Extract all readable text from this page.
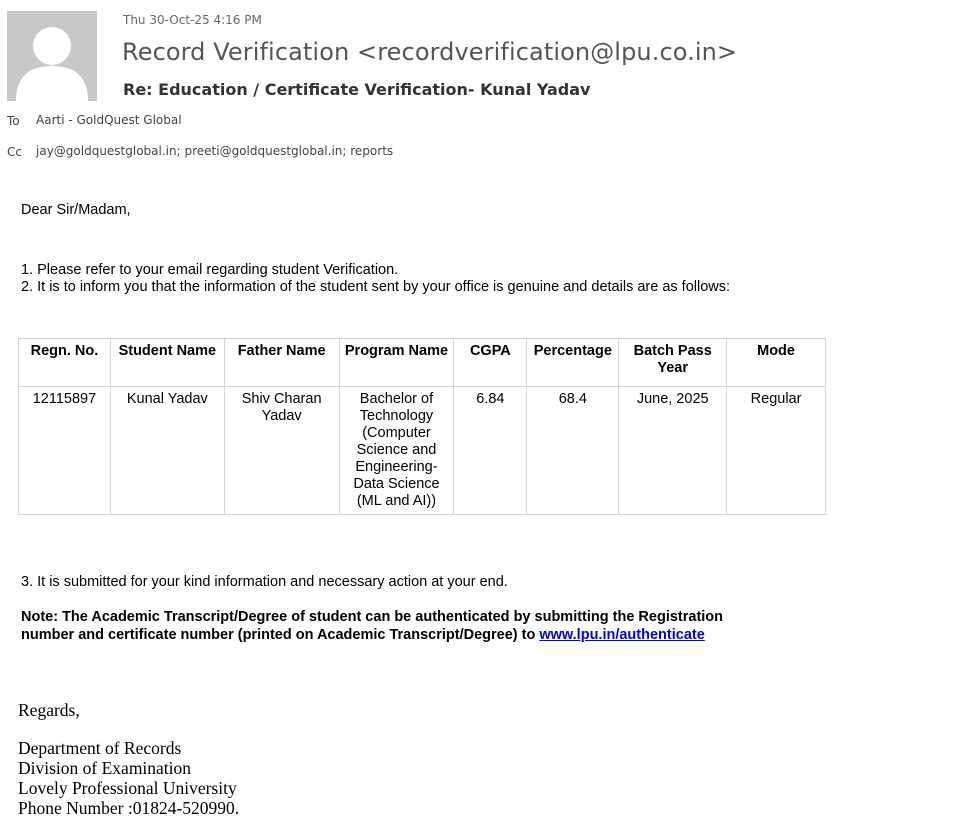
Thu 30-Oct-25 4:16 PM
Record Verification <recordverification@lpu.co.in>
Re: Education / Certificate Verification- Kunal Yadav
To Aarti - GoldQuest Global
Cc jay@goldquestglobal.in; preeti@goldquestglobal.in; reports
Dear Sir/Madam,
1. Please refer to your email regarding student Verification.
2. It is to inform you that the information of the student sent by your office is genuine and details are as follows:
Regn. No.	Student Name	Father Name	Program Name	CGPA	Percentage	Batch Pass Year	Mode
12115897	Kunal Yadav	Shiv Charan Yadav	Bachelor of Technology (Computer Science and Engineering-Data Science (ML and AI))	6.84	68.4	June, 2025	Regular
3. It is submitted for your kind information and necessary action at your end.
Note: The Academic Transcript/Degree of student can be authenticated by submitting the Registration number and certificate number (printed on Academic Transcript/Degree) to www.lpu.in/authenticate
Regards,
Department of Records
Division of Examination
Lovely Professional University
Phone Number :01824-520990.
